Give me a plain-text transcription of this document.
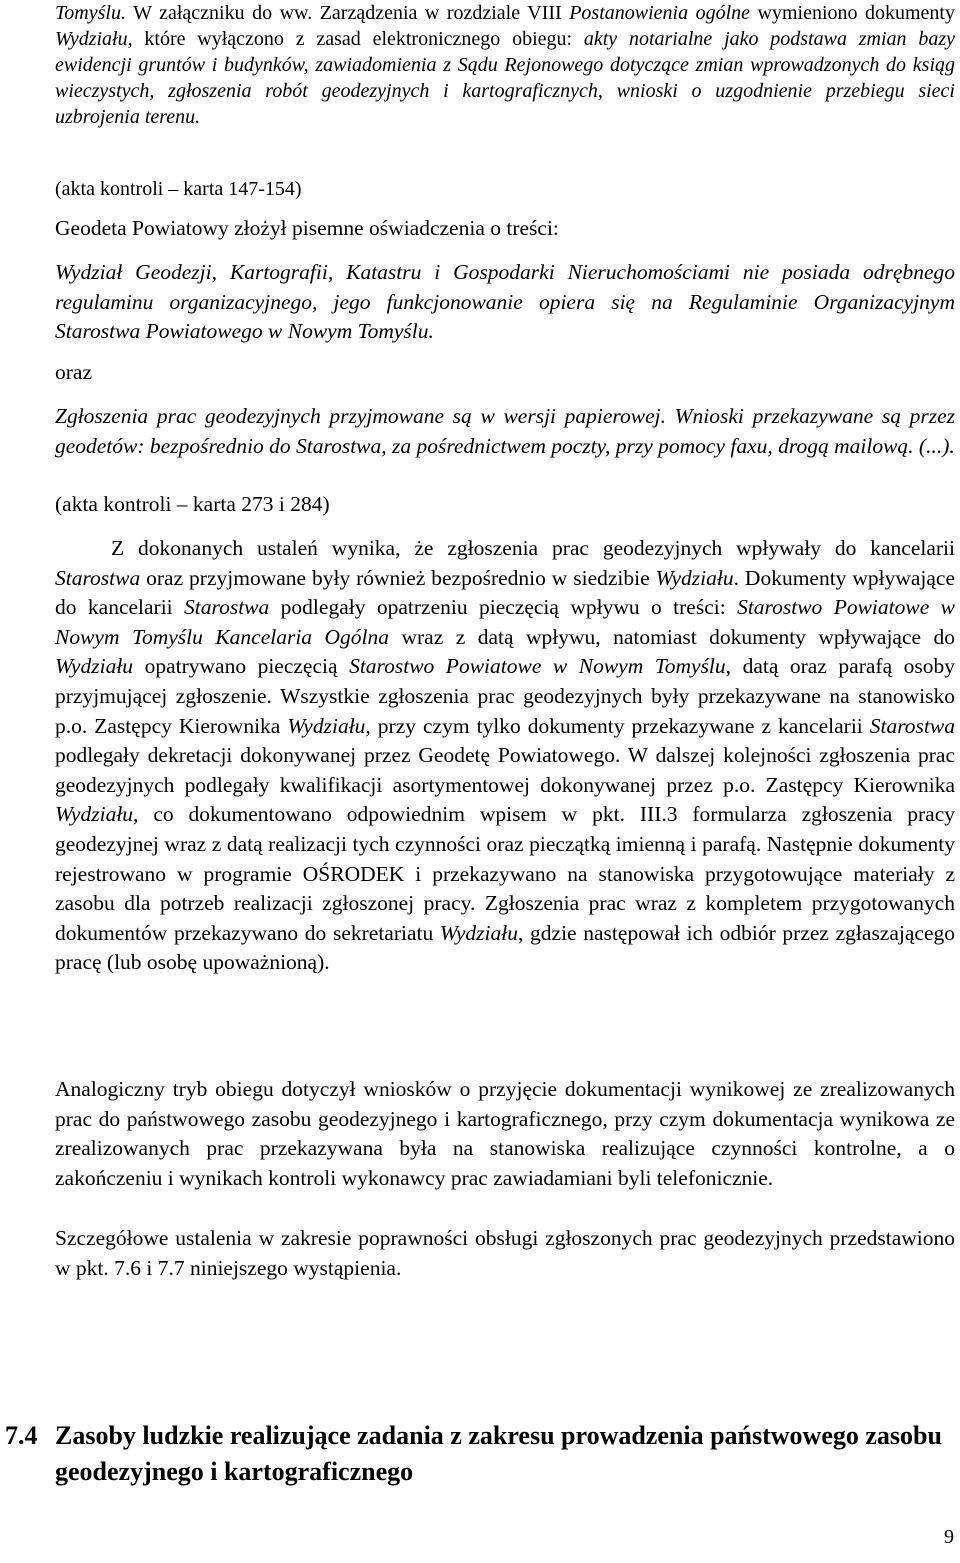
Tomyślu. W załączniku do ww. Zarządzenia w rozdziale VIII Postanowienia ogólne wymieniono dokumenty Wydziału, które wyłączono z zasad elektronicznego obiegu: akty notarialne jako podstawa zmian bazy ewidencji gruntów i budynków, zawiadomienia z Sądu Rejonowego dotyczące zmian wprowadzonych do ksiąg wieczystych, zgłoszenia robót geodezyjnych i kartograficznych, wnioski o uzgodnienie przebiegu sieci uzbrojenia terenu.

(akta kontroli – karta 147-154)

Geodeta Powiatowy złożył pisemne oświadczenia o treści:

Wydział Geodezji, Kartografii, Katastru i Gospodarki Nieruchomościami nie posiada odrębnego regulaminu organizacyjnego, jego funkcjonowanie opiera się na Regulaminie Organizacyjnym Starostwa Powiatowego w Nowym Tomyślu.

oraz

Zgłoszenia prac geodezyjnych przyjmowane są w wersji papierowej. Wnioski przekazywane są przez geodetów: bezpośrednio do Starostwa, za pośrednictwem poczty, przy pomocy faxu, drogą mailową. (...).

(akta kontroli – karta 273 i 284)

Z dokonanych ustaleń wynika, że zgłoszenia prac geodezyjnych wpływały do kancelarii Starostwa oraz przyjmowane były również bezpośrednio w siedzibie Wydziału. Dokumenty wpływające do kancelarii Starostwa podlegały opatrzeniu pieczęcią wpływu o treści: Starostwo Powiatowe w Nowym Tomyślu Kancelaria Ogólna wraz z datą wpływu, natomiast dokumenty wpływające do Wydziału opatrywano pieczęcią Starostwo Powiatowe w Nowym Tomyślu, datą oraz parafą osoby przyjmującej zgłoszenie. Wszystkie zgłoszenia prac geodezyjnych były przekazywane na stanowisko p.o. Zastępcy Kierownika Wydziału, przy czym tylko dokumenty przekazywane z kancelarii Starostwa podlegały dekretacji dokonywanej przez Geodetę Powiatowego. W dalszej kolejności zgłoszenia prac geodezyjnych podlegały kwalifikacji asortymentowej dokonywanej przez p.o. Zastępcy Kierownika Wydziału, co dokumentowano odpowiednim wpisem w pkt. III.3 formularza zgłoszenia pracy geodezyjnej wraz z datą realizacji tych czynności oraz pieczątką imienną i parafą. Następnie dokumenty rejestrowano w programie OŚRODEK i przekazywano na stanowiska przygotowujące materiały z zasobu dla potrzeb realizacji zgłoszonej pracy. Zgłoszenia prac wraz z kompletem przygotowanych dokumentów przekazywano do sekretariatu Wydziału, gdzie następował ich odbiór przez zgłaszającego pracę (lub osobę upoważnioną).

Analogiczny tryb obiegu dotyczył wniosków o przyjęcie dokumentacji wynikowej ze zrealizowanych prac do państwowego zasobu geodezyjnego i kartograficznego, przy czym dokumentacja wynikowa ze zrealizowanych prac przekazywana była na stanowiska realizujące czynności kontrolne, a o zakończeniu i wynikach kontroli wykonawcy prac zawiadamiani byli telefonicznie.

Szczegółowe ustalenia w zakresie poprawności obsługi zgłoszonych prac geodezyjnych przedstawiono w pkt. 7.6 i 7.7 niniejszego wystąpienia.

7.4 Zasoby ludzkie realizujące zadania z zakresu prowadzenia państwowego zasobu geodezyjnego i kartograficznego
9
